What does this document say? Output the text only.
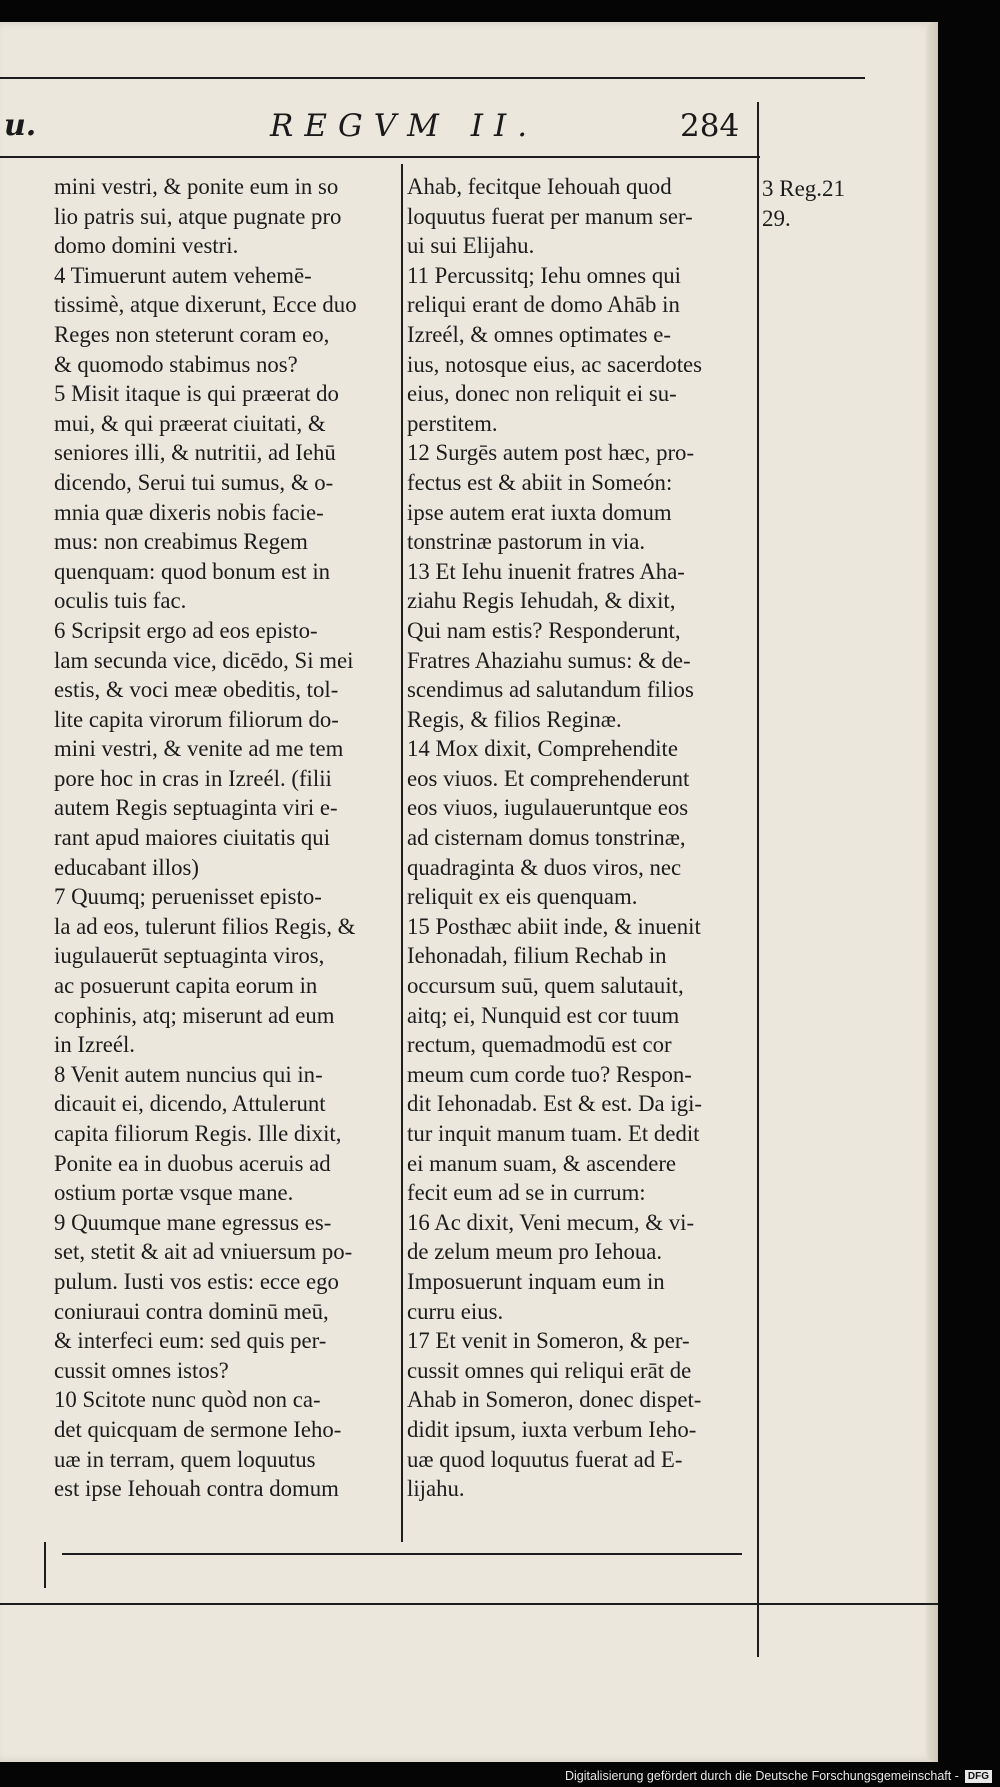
u.	REGVM II.	284
mini vestri, & ponite eum in so
lio patris sui, atque pugnate pro
domo domini vestri.
4 Timuerunt autem vehemē-
tissimè, atque dixerunt, Ecce duo
Reges non steterunt coram eo,
& quomodo stabimus nos?
5 Misit itaque is qui præerat do
mui, & qui præerat ciuitati, &
seniores illi, & nutritii, ad Iehū
dicendo, Serui tui sumus, & o-
mnia quæ dixeris nobis facie-
mus: non creabimus Regem
quenquam: quod bonum est in
oculis tuis fac.
6 Scripsit ergo ad eos episto-
lam secunda vice, dicēdo, Si mei
estis, & voci meæ obeditis, tol-
lite capita virorum filiorum do-
mini vestri, & venite ad me tem
pore hoc in cras in Izreél. (filii
autem Regis septuaginta viri e-
rant apud maiores ciuitatis qui
educabant illos)
7 Quumq; peruenisset episto-
la ad eos, tulerunt filios Regis, &
iugulauerūt septuaginta viros,
ac posuerunt capita eorum in
cophinis, atq; miserunt ad eum
in Izreél.
8 Venit autem nuncius qui in-
dicauit ei, dicendo, Attulerunt
capita filiorum Regis. Ille dixit,
Ponite ea in duobus aceruis ad
ostium portæ vsque mane.
9 Quumque mane egressus es-
set, stetit & ait ad vniuersum po-
pulum. Iusti vos estis: ecce ego
coniuraui contra dominū meū,
& interfeci eum: sed quis per-
cussit omnes istos?
10 Scitote nunc quòd non ca-
det quicquam de sermone Ieho-
uæ in terram, quem loquutus
est ipse Iehouah contra domum
Ahab, fecitque Iehouah quod
loquutus fuerat per manum ser-
ui sui Elijahu.
11 Percussitq; Iehu omnes qui
reliqui erant de domo Ahāb in
Izreél, & omnes optimates e-
ius, notosque eius, ac sacerdotes
eius, donec non reliquit ei su-
perstitem.
12 Surgēs autem post hæc, pro-
fectus est & abiit in Someón:
ipse autem erat iuxta domum
tonstrinæ pastorum in via.
13 Et Iehu inuenit fratres Aha-
ziahu Regis Iehudah, & dixit,
Qui nam estis? Responderunt,
Fratres Ahaziahu sumus: & de-
scendimus ad salutandum filios
Regis, & filios Reginæ.
14 Mox dixit, Comprehendite
eos viuos. Et comprehenderunt
eos viuos, iugulaueruntque eos
ad cisternam domus tonstrinæ,
quadraginta & duos viros, nec
reliquit ex eis quenquam.
15 Posthæc abiit inde, & inuenit
Iehonadah, filium Rechab in
occursum suū, quem salutauit,
aitq; ei, Nunquid est cor tuum
rectum, quemadmodū est cor
meum cum corde tuo? Respon-
dit Iehonadab. Est & est. Da igi-
tur inquit manum tuam. Et dedit
ei manum suam, & ascendere
fecit eum ad se in currum:
16 Ac dixit, Veni mecum, & vi-
de zelum meum pro Iehoua.
Imposuerunt inquam eum in
curru eius.
17 Et venit in Someron, & per-
cussit omnes qui reliqui erāt de
Ahab in Someron, donec dispet-
didit ipsum, iuxta verbum Ieho-
uæ quod loquutus fuerat ad E-
lijahu.
3 Reg.21
29.
Digitalisierung gefördert durch die Deutsche Forschungsgemeinschaft - DFG
